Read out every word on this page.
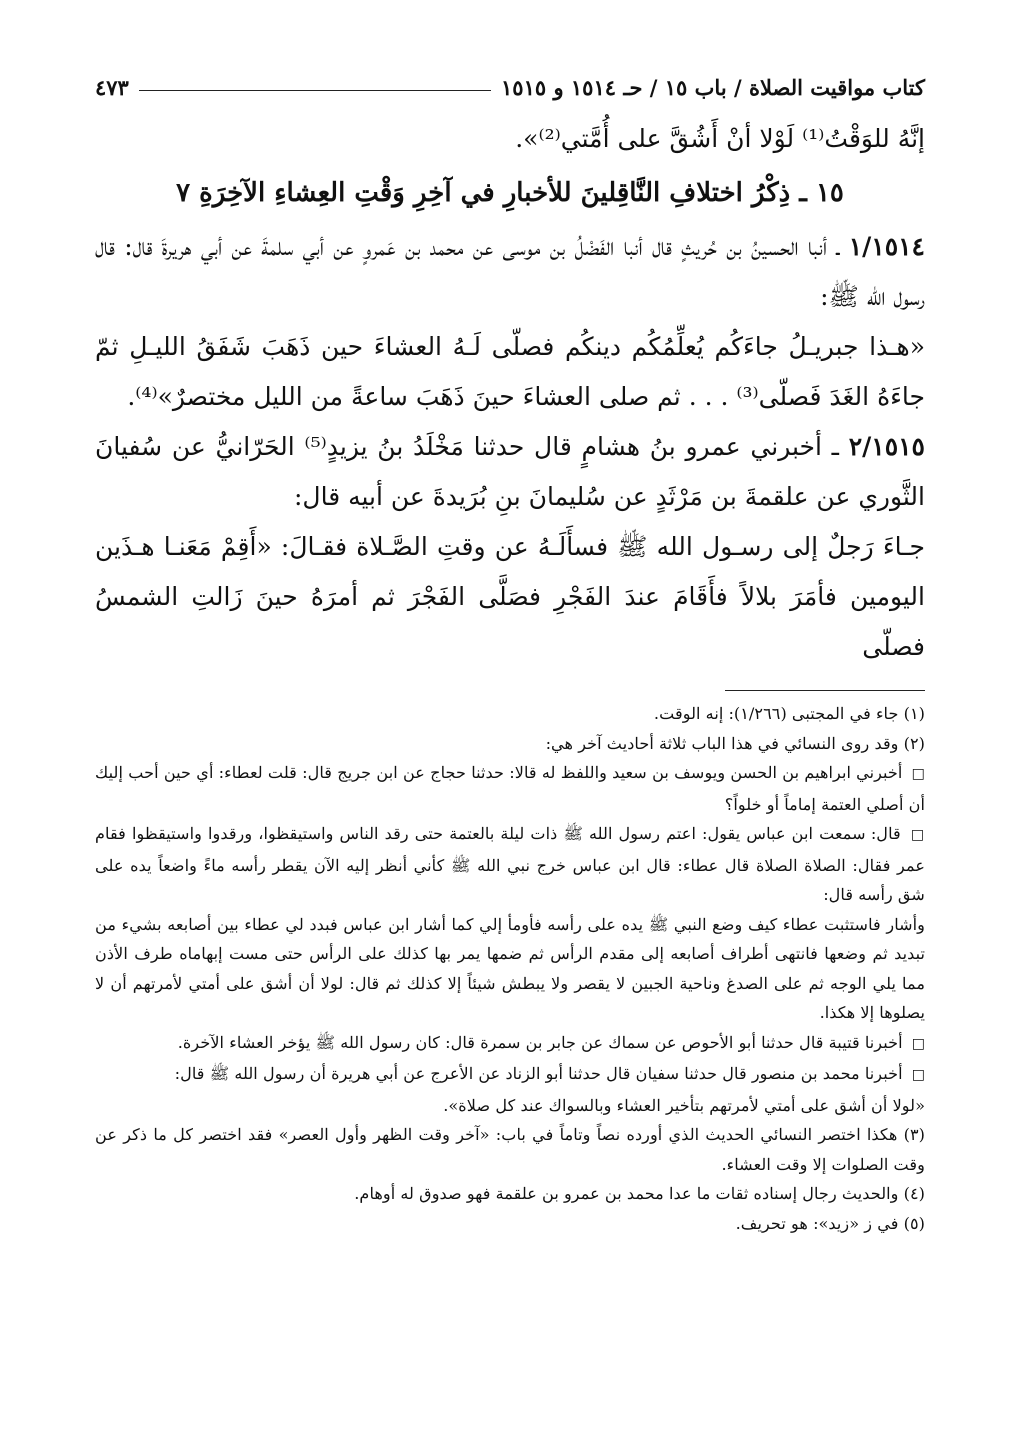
كتاب مواقيت الصلاة / باب ١٥ / حـ ١٥١٤ و ١٥١٥
٤٧٣

إنَّهُ للوَقْتُ⁽¹⁾ لَوْلا أنْ أَشُقَّ على أُمَّتي⁽²⁾».

١٥ ـ ذِكْرُ اختلافِ النَّاقِلينَ للأخبارِ في آخِرِ وَقْتِ العِشاءِ الآخِرَةِ ٧

١/١٥١٤ ـ أنبا الحسينُ بن حُريثٍ قال أنبا الفَضْلُ بن موسى عن محمد بن عَمروٍ عن أبي سلمةَ عن أبي هريرةَ قال: قال رسول الله ﷺ:

«هـذا جبريـلُ جاءَكُم يُعلِّمُكُم دينكُم فصلّى لَـهُ العشاءَ حين ذَهَبَ شَفَقُ الليـلِ ثمّ جاءَهُ الغَدَ فَصلّى⁽³⁾ . . . ثم صلى العشاءَ حينَ ذَهَبَ ساعةً من الليل مختصرٌ»⁽⁴⁾.

٢/١٥١٥ ـ أخبرني عمرو بنُ هشامٍ قال حدثنا مَخْلَدُ بنُ يزيدٍ⁽⁵⁾ الحَرّانيُّ عن سُفيانَ الثَّوري عن علقمةَ بن مَرْثَدٍ عن سُليمانَ بنِ بُرَيدةَ عن أبيه قال:

جـاءَ رَجلٌ إلى رسـول الله ﷺ فسأَلَـهُ عن وقتِ الصَّـلاة فقـالَ: «أَقِمْ مَعَنـا هـذَين اليومين فأمَرَ بلالاً فأَقَامَ عندَ الفَجْرِ فصَلَّى الفَجْرَ ثم أمرَهُ حينَ زَالتِ الشمسُ فصلّى

(١) جاء في المجتبى (١/٢٦٦): إنه الوقت.

(٢) وقد روى النسائي في هذا الباب ثلاثة أحاديث آخر هي:

□ أخبرني ابراهيم بن الحسن ويوسف بن سعيد واللفظ له قالا: حدثنا حجاج عن ابن جريج قال: قلت لعطاء: أي حين أحب إليك أن أصلي العتمة إماماً أو خلواً؟

□ قال: سمعت ابن عباس يقول: اعتم رسول الله ﷺ ذات ليلة بالعتمة حتى رقد الناس واستيقظوا، ورقدوا واستيقظوا فقام عمر فقال: الصلاة الصلاة قال عطاء: قال ابن عباس خرج نبي الله ﷺ كأني أنظر إليه الآن يقطر رأسه ماءً واضعاً يده على شق رأسه قال:

وأشار فاستثبت عطاء كيف وضع النبي ﷺ يده على رأسه فأومأ إلي كما أشار ابن عباس فبدد لي عطاء بين أصابعه بشيء من تبديد ثم وضعها فانتهى أطراف أصابعه إلى مقدم الرأس ثم ضمها يمر بها كذلك على الرأس حتى مست إبهاماه طرف الأذن مما يلي الوجه ثم على الصدغ وناحية الجبين لا يقصر ولا يبطش شيئاً إلا كذلك ثم قال: لولا أن أشق على أمتي لأمرتهم أن لا يصلوها إلا هكذا.

□ أخبرنا قتيبة قال حدثنا أبو الأحوص عن سماك عن جابر بن سمرة قال: كان رسول الله ﷺ يؤخر العشاء الآخرة.

□ أخبرنا محمد بن منصور قال حدثنا سفيان قال حدثنا أبو الزناد عن الأعرج عن أبي هريرة أن رسول الله ﷺ قال:

«لولا أن أشق على أمتي لأمرتهم بتأخير العشاء وبالسواك عند كل صلاة».

(٣) هكذا اختصر النسائي الحديث الذي أورده نصاً وتاماً في باب: «آخر وقت الظهر وأول العصر» فقد اختصر كل ما ذكر عن وقت الصلوات إلا وقت العشاء.

(٤) والحديث رجال إسناده ثقات ما عدا محمد بن عمرو بن علقمة فهو صدوق له أوهام.

(٥) في ز «زيد»: هو تحريف.
